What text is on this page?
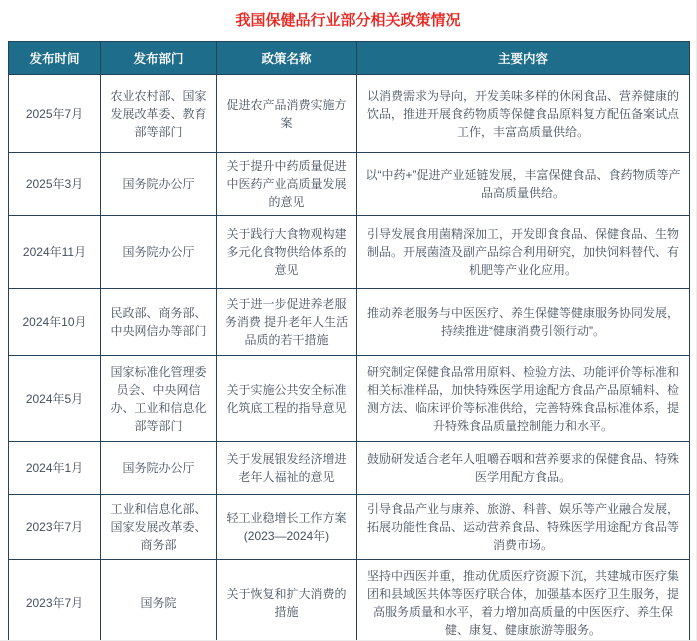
我国保健品行业部分相关政策情况
发布时间	发布部门	政策名称	主要内容
2025年7月	农业农村部、国家发展改革委、教育部等部门	促进农产品消费实施方案	以消费需求为导向，开发美味多样的休闲食品、营养健康的饮品，推进开展食药物质等保健食品原料复方配伍备案试点工作，丰富高质量供给。
2025年3月	国务院办公厅	关于提升中药质量促进中医药产业高质量发展的意见	以“中药+”促进产业延链发展，丰富保健食品、食药物质等产品高质量供给。
2024年11月	国务院办公厅	关于践行大食物观构建多元化食物供给体系的意见	引导发展食用菌精深加工，开发即食食品、保健食品、生物制品。开展菌渣及副产品综合利用研究，加快饲料替代、有机肥等产业化应用。
2024年10月	民政部、商务部、中央网信办等部门	关于进一步促进养老服务消费 提升老年人生活品质的若干措施	推动养老服务与中医医疗、养生保健等健康服务协同发展，持续推进“健康消费引领行动”。
2024年5月	国家标准化管理委员会、中央网信办、工业和信息化部等部门	关于实施公共安全标准化筑底工程的指导意见	研究制定保健食品常用原料、检验方法、功能评价等标准和相关标准样品，加快特殊医学用途配方食品产品原辅料、检测方法、临床评价等标准供给，完善特殊食品标准体系，提升特殊食品质量控制能力和水平。
2024年1月	国务院办公厅	关于发展银发经济增进老年人福祉的意见	鼓励研发适合老年人咀嚼吞咽和营养要求的保健食品、特殊医学用配方食品。
2023年7月	工业和信息化部、国家发展改革委、商务部	轻工业稳增长工作方案(2023—2024年)	引导食品产业与康养、旅游、科普、娱乐等产业融合发展，拓展功能性食品、运动营养食品、特殊医学用途配方食品等消费市场。
2023年7月	国务院	关于恢复和扩大消费的措施	坚持中西医并重，推动优质医疗资源下沉，共建城市医疗集团和县域医共体等医疗联合体，加强基本医疗卫生服务，提高服务质量和水平，着力增加高质量的中医医疗、养生保健、康复、健康旅游等服务。
